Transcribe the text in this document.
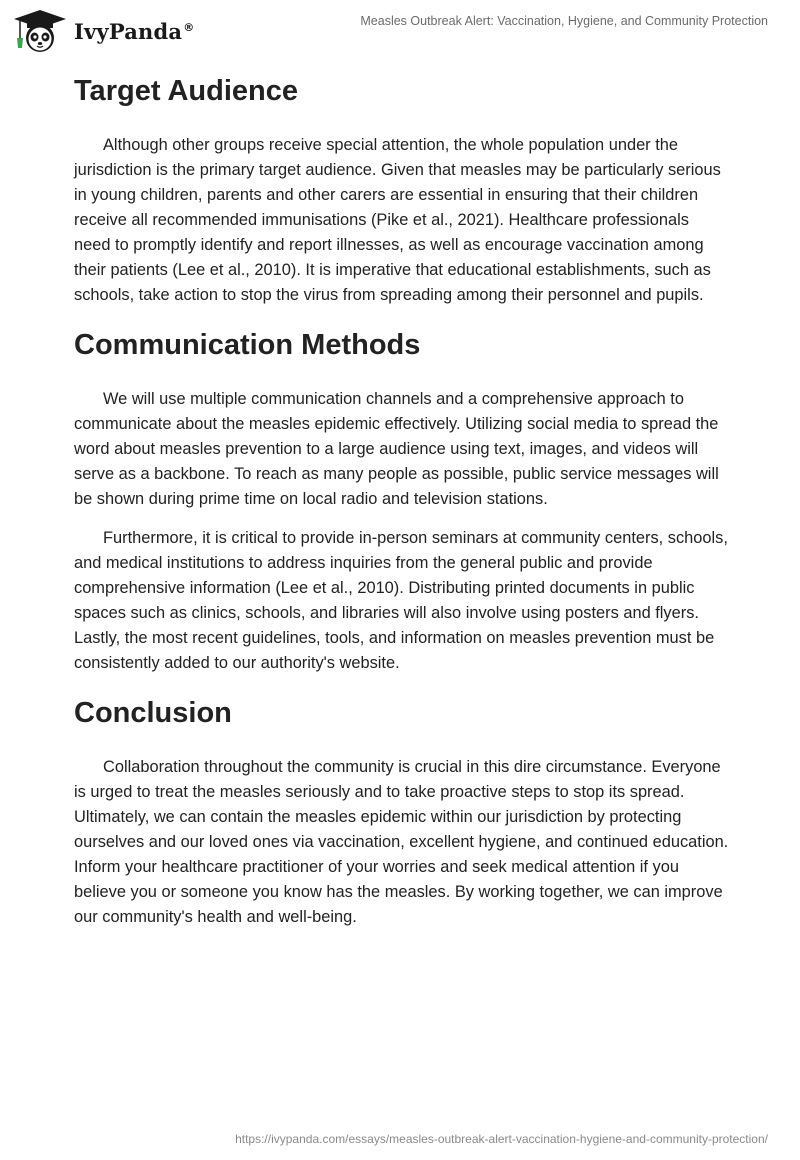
IvyPanda®	Measles Outbreak Alert: Vaccination, Hygiene, and Community Protection
Target Audience

Although other groups receive special attention, the whole population under the jurisdiction is the primary target audience. Given that measles may be particularly serious in young children, parents and other carers are essential in ensuring that their children receive all recommended immunisations (Pike et al., 2021). Healthcare professionals need to promptly identify and report illnesses, as well as encourage vaccination among their patients (Lee et al., 2010). It is imperative that educational establishments, such as schools, take action to stop the virus from spreading among their personnel and pupils.

Communication Methods

We will use multiple communication channels and a comprehensive approach to communicate about the measles epidemic effectively. Utilizing social media to spread the word about measles prevention to a large audience using text, images, and videos will serve as a backbone. To reach as many people as possible, public service messages will be shown during prime time on local radio and television stations.

Furthermore, it is critical to provide in-person seminars at community centers, schools, and medical institutions to address inquiries from the general public and provide comprehensive information (Lee et al., 2010). Distributing printed documents in public spaces such as clinics, schools, and libraries will also involve using posters and flyers. Lastly, the most recent guidelines, tools, and information on measles prevention must be consistently added to our authority's website.

Conclusion

Collaboration throughout the community is crucial in this dire circumstance. Everyone is urged to treat the measles seriously and to take proactive steps to stop its spread. Ultimately, we can contain the measles epidemic within our jurisdiction by protecting ourselves and our loved ones via vaccination, excellent hygiene, and continued education. Inform your healthcare practitioner of your worries and seek medical attention if you believe you or someone you know has the measles. By working together, we can improve our community's health and well-being.

https://ivypanda.com/essays/measles-outbreak-alert-vaccination-hygiene-and-community-protection/
